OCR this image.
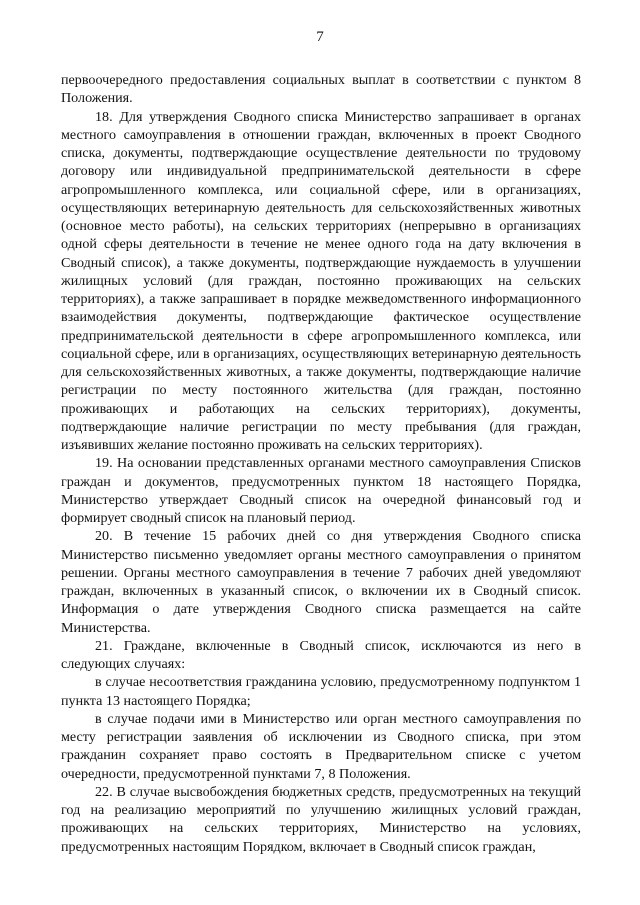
7

первоочередного предоставления социальных выплат в соответствии с пунктом 8 Положения.

18. Для утверждения Сводного списка Министерство запрашивает в органах местного самоуправления в отношении граждан, включенных в проект Сводного списка, документы, подтверждающие осуществление деятельности по трудовому договору или индивидуальной предпринимательской деятельности в сфере агропромышленного комплекса, или социальной сфере, или в организациях, осуществляющих ветеринарную деятельность для сельскохозяйственных животных (основное место работы), на сельских территориях (непрерывно в организациях одной сферы деятельности в течение не менее одного года на дату включения в Сводный список), а также документы, подтверждающие нуждаемость в улучшении жилищных условий (для граждан, постоянно проживающих на сельских территориях), а также запрашивает в порядке межведомственного информационного взаимодействия документы, подтверждающие фактическое осуществление предпринимательской деятельности в сфере агропромышленного комплекса, или социальной сфере, или в организациях, осуществляющих ветеринарную деятельность для сельскохозяйственных животных, а также документы, подтверждающие наличие регистрации по месту постоянного жительства (для граждан, постоянно проживающих и работающих на сельских территориях), документы, подтверждающие наличие регистрации по месту пребывания (для граждан, изъявивших желание постоянно проживать на сельских территориях).

19. На основании представленных органами местного самоуправления Списков граждан и документов, предусмотренных пунктом 18 настоящего Порядка, Министерство утверждает Сводный список на очередной финансовый год и формирует сводный список на плановый период.

20. В течение 15 рабочих дней со дня утверждения Сводного списка Министерство письменно уведомляет органы местного самоуправления о принятом решении. Органы местного самоуправления в течение 7 рабочих дней уведомляют граждан, включенных в указанный список, о включении их в Сводный список. Информация о дате утверждения Сводного списка размещается на сайте Министерства.

21. Граждане, включенные в Сводный список, исключаются из него в следующих случаях:

в случае несоответствия гражданина условию, предусмотренному подпунктом 1 пункта 13 настоящего Порядка;

в случае подачи ими в Министерство или орган местного самоуправления по месту регистрации заявления об исключении из Сводного списка, при этом гражданин сохраняет право состоять в Предварительном списке с учетом очередности, предусмотренной пунктами 7, 8 Положения.

22. В случае высвобождения бюджетных средств, предусмотренных на текущий год на реализацию мероприятий по улучшению жилищных условий граждан, проживающих на сельских территориях, Министерство на условиях, предусмотренных настоящим Порядком, включает в Сводный список граждан,
